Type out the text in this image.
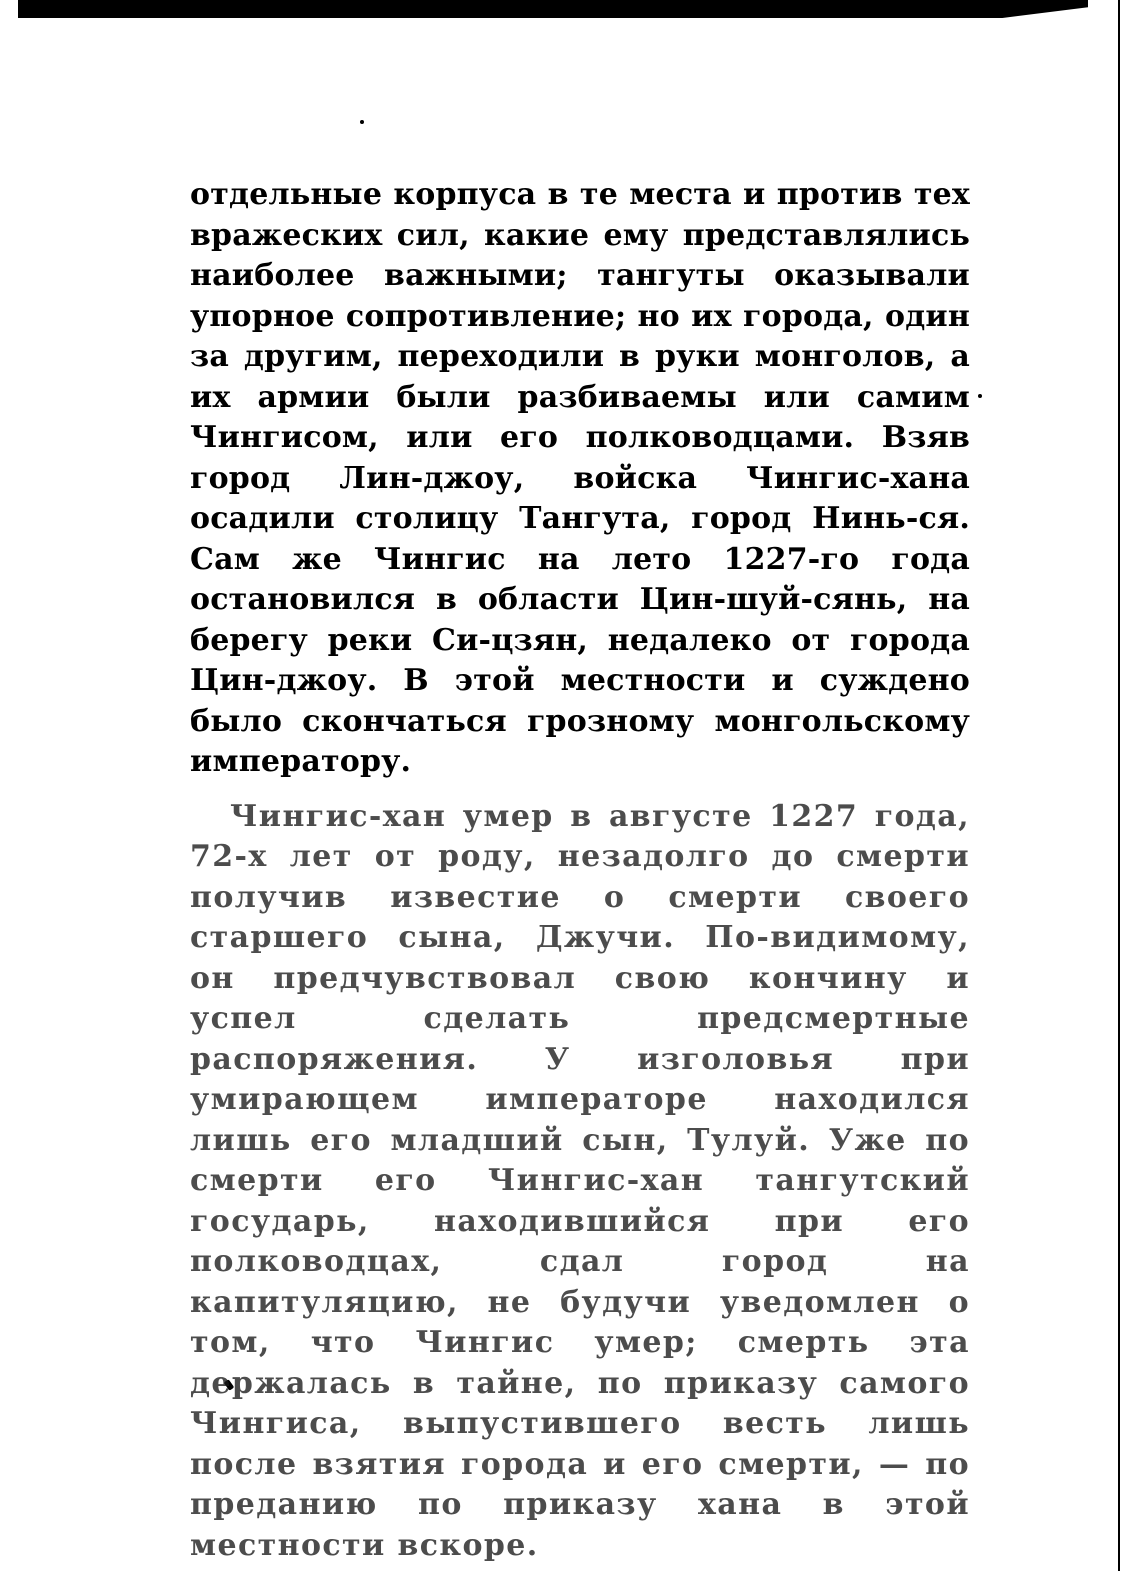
отдельные корпуса в те места и против тех вражеских сил, какие ему представлялись наиболее важными; тангуты оказывали упорное сопротивление; но их города, один за другим, переходили в руки монголов, а их армии были разбиваемы или самим Чингисом, или его полководцами. Взяв город Лин-джоу, войска Чингис-хана осадили столицу Тангута, город Нинь-ся. Сам же Чингис на лето 1227-го года остановился в области Цин-шуй-сянь, на берегу реки Си-цзян, недалеко от города Цин-джоу. В этой местности и суждено было скончаться грозному монгольскому императору.

Чингис-хан умер в августе 1227 года, 72-х лет от роду, незадолго до смерти получив известие о смерти своего старшего сына, Джучи. По-видимому, он предчувствовал свою кончину и успел сделать предсмертные распоряжения. У изголовья при умирающем императоре находился лишь его младший сын, Тулуй. Уже по смерти его Чингис-хан тангутский государь, находившийся при его полководцах, сдал город на капитуляцию, не будучи уведомлен о том, что Чингис умер; смерть эта держалась в тайне, по приказу самого Чингиса, выпустившего весть лишь после взятия города и его смерти, — по преданию по приказу хана в этой местности вскоре.
